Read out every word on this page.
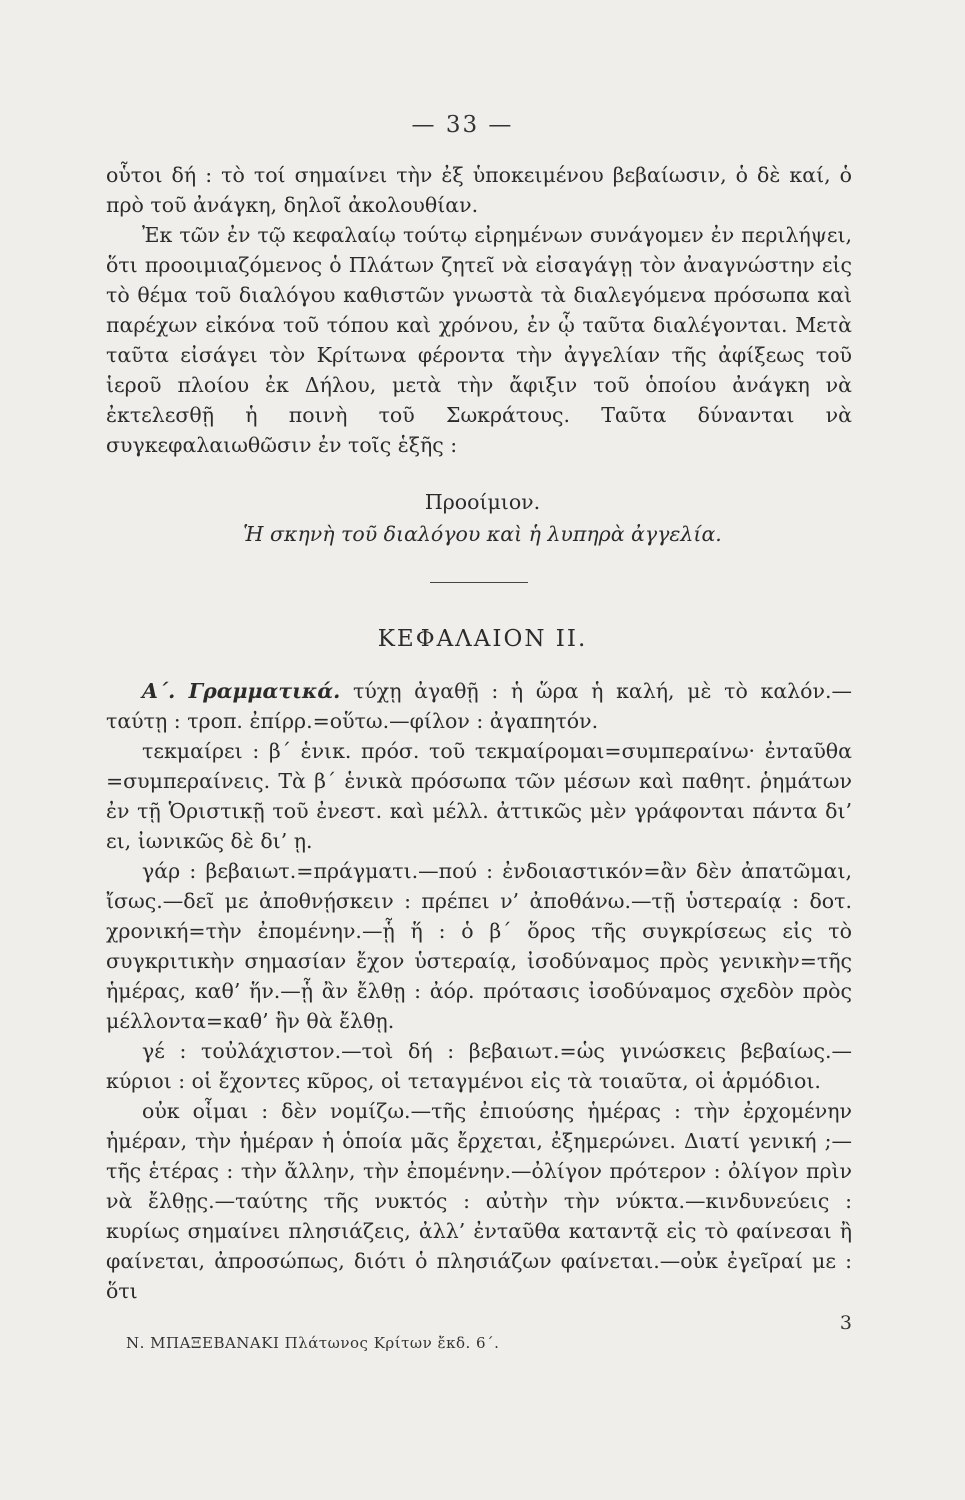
— 33 —

οὗτοι δή : τὸ τοί σημαίνει τὴν ἐξ ὑποκειμένου βεβαίωσιν, ὁ δὲ καί, ὁ πρὸ τοῦ ἀνάγκη, δηλοῖ ἀκολουθίαν.

Ἐκ τῶν ἐν τῷ κεφαλαίῳ τούτῳ εἰρημένων συνάγομεν ἐν περιλήψει, ὅτι προοιμιαζόμενος ὁ Πλάτων ζητεῖ νὰ εἰσαγάγῃ τὸν ἀναγνώστην εἰς τὸ θέμα τοῦ διαλόγου καθιστῶν γνωστὰ τὰ διαλεγόμενα πρόσωπα καὶ παρέχων εἰκόνα τοῦ τόπου καὶ χρόνου, ἐν ᾧ ταῦτα διαλέγονται. Μετὰ ταῦτα εἰσάγει τὸν Κρίτωνα φέροντα τὴν ἀγγελίαν τῆς ἀφίξεως τοῦ ἱεροῦ πλοίου ἐκ Δήλου, μετὰ τὴν ἄφιξιν τοῦ ὁποίου ἀνάγκη νὰ ἐκτελεσθῇ ἡ ποινὴ τοῦ Σωκράτους. Ταῦτα δύνανται νὰ συγκεφαλαιωθῶσιν ἐν τοῖς ἑξῆς :

Προοίμιον.
Ἡ σκηνὴ τοῦ διαλόγου καὶ ἡ λυπηρὰ ἀγγελία.
ΚΕΦΑΛΑΙΟΝ ΙΙ.

Α΄. Γραμματικά. τύχῃ ἀγαθῇ : ἡ ὥρα ἡ καλή, μὲ τὸ καλόν.— ταύτῃ : τροπ. ἐπίρρ.=οὕτω.—φίλον : ἀγαπητόν.

τεκμαίρει : β΄ ἑνικ. πρόσ. τοῦ τεκμαίρομαι=συμπεραίνω· ἐνταῦθα =συμπεραίνεις. Τὰ β΄ ἑνικὰ πρόσωπα τῶν μέσων καὶ παθητ. ῥημάτων ἐν τῇ Ὁριστικῇ τοῦ ἐνεστ. καὶ μέλλ. ἀττικῶς μὲν γράφονται πάντα δι’ ει, ἰωνικῶς δὲ δι’ ῃ.

γάρ : βεβαιωτ.=πράγματι.—πού : ἐνδοιαστικόν=ἂν δὲν ἀπατῶμαι, ἴσως.—δεῖ με ἀποθνῄσκειν : πρέπει ν’ ἀποθάνω.—τῇ ὑστεραίᾳ : δοτ. χρονική=τὴν ἐπομένην.—ᾗ ἥ : ὁ β΄ ὅρος τῆς συγκρίσεως εἰς τὸ συγκριτικὴν σημασίαν ἔχον ὑστεραίᾳ, ἰσοδύναμος πρὸς γενικὴν=τῆς ἡμέρας, καθ’ ἥν.—ᾗ ἂν ἔλθῃ : ἀόρ. πρότασις ἰσοδύναμος σχεδὸν πρὸς μέλλοντα=καθ’ ἣν θὰ ἔλθῃ.

γέ : τοὐλάχιστον.—τοὶ δή : βεβαιωτ.=ὡς γινώσκεις βεβαίως.— κύριοι : οἱ ἔχοντες κῦρος, οἱ τεταγμένοι εἰς τὰ τοιαῦτα, οἱ ἁρμόδιοι.

οὐκ οἶμαι : δὲν νομίζω.—τῆς ἐπιούσης ἡμέρας : τὴν ἐρχομένην ἡμέραν, τὴν ἡμέραν ἡ ὁποία μᾶς ἔρχεται, ἐξημερώνει. Διατί γενική ;— τῆς ἑτέρας : τὴν ἄλλην, τὴν ἐπομένην.—ὀλίγον πρότερον : ὀλίγον πρὶν νὰ ἔλθῃς.—ταύτης τῆς νυκτός : αὐτὴν τὴν νύκτα.—κινδυνεύεις : κυρίως σημαίνει πλησιάζεις, ἀλλ’ ἐνταῦθα καταντᾷ εἰς τὸ φαίνεσαι ἢ φαίνεται, ἀπροσώπως, διότι ὁ πλησιάζων φαίνεται.—οὐκ ἐγεῖραί με : ὅτι

Ν. ΜΠΑΞΕΒΑΝΑΚΙ Πλάτωνος Κρίτων ἔκδ. 6΄.
3
